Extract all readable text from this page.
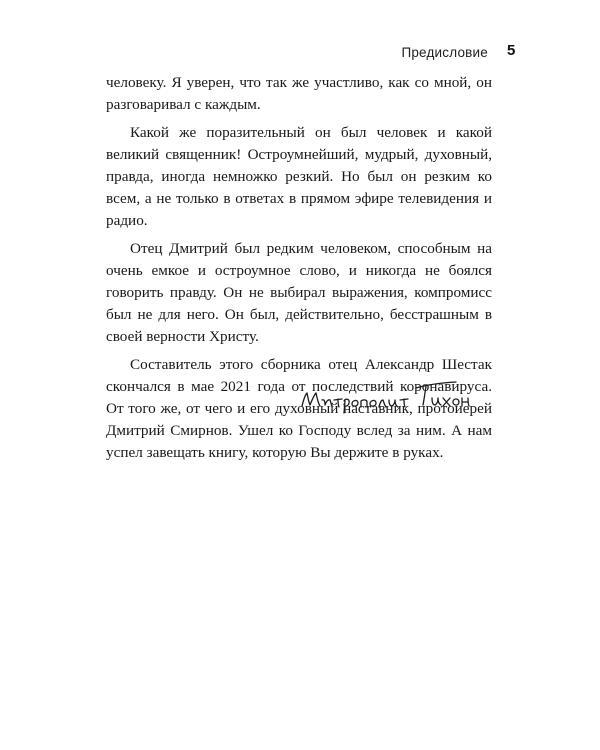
Предисловие 5

человеку. Я уверен, что так же участливо, как со мной, он разговаривал с каждым.

Какой же поразительный он был человек и какой великий священник! Остроумнейший, мудрый, духовный, правда, иногда немножко резкий. Но был он резким ко всем, а не только в ответах в прямом эфире телевидения и радио.

Отец Дмитрий был редким человеком, способным на очень емкое и остроумное слово, и никогда не боялся говорить правду. Он не выбирал выражения, компромисс был не для него. Он был, действительно, бесстрашным в своей верности Христу.

Составитель этого сборника отец Александр Шестак скончался в мае 2021 года от последствий коронавируса. От того же, от чего и его духовный наставник, протоиерей Дмитрий Смирнов. Ушел ко Господу вслед за ним. А нам успел завещать книгу, которую Вы держите в руках.
